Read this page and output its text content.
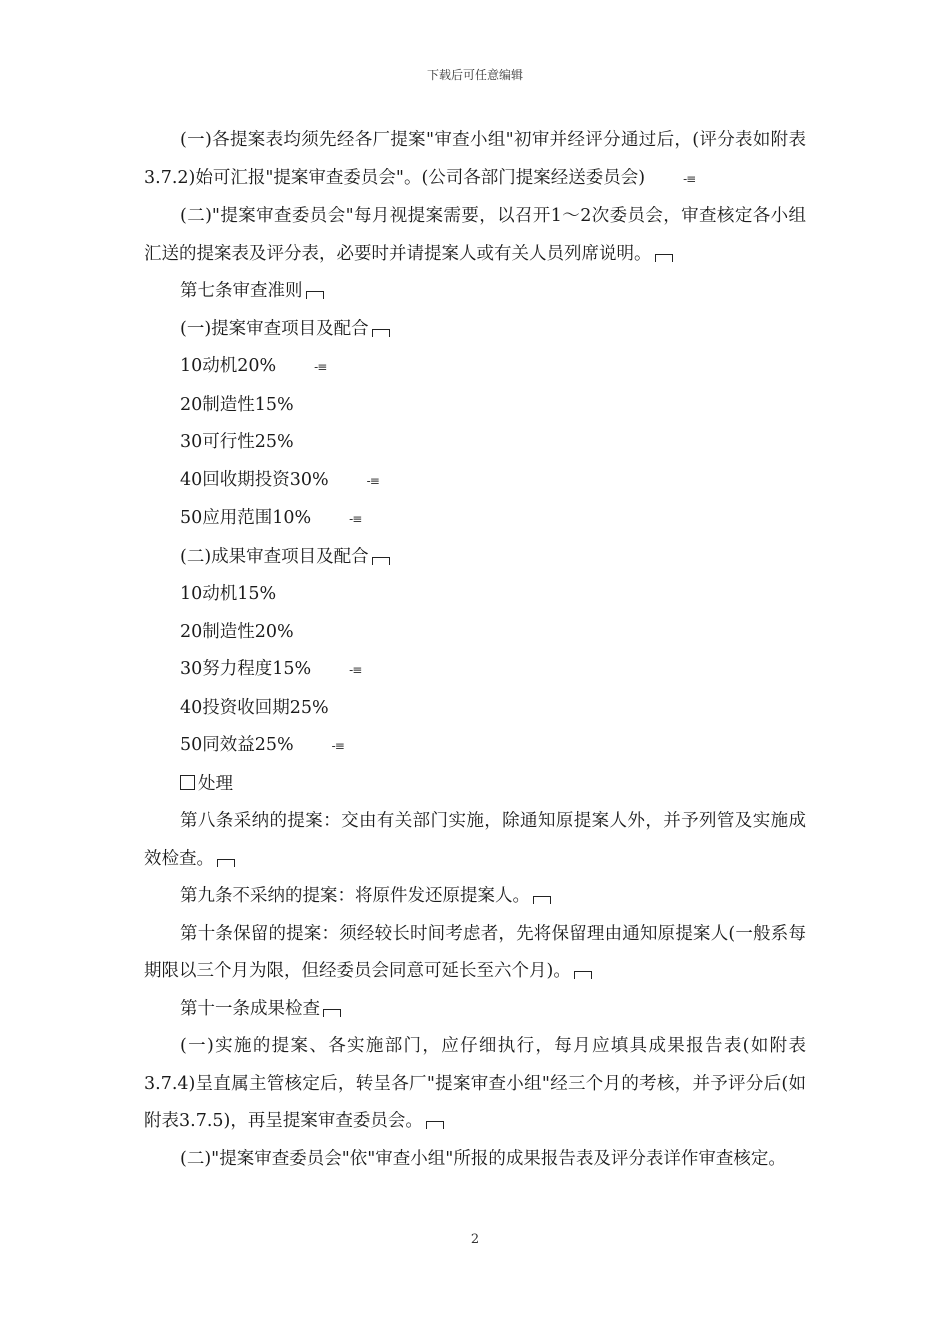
下载后可任意编辑

(一)各提案表均须先经各厂提案"审查小组"初审并经评分通过后，(评分表如附表3.7.2)始可汇报"提案审查委员会"。(公司各部门提案经送委员会)	-≡

(二)"提案审查委员会"每月视提案需要，以召开1～2次委员会，审查核定各小组汇送的提案表及评分表，必要时并请提案人或有关人员列席说明。

第七条审查准则

(一)提案审查项目及配合

10动机20%	-≡

20制造性15%

30可行性25%

40回收期投资30%	-≡

50应用范围10%	-≡

(二)成果审查项目及配合

10动机15%

20制造性20%

30努力程度15%	-≡

40投资收回期25%

50同效益25%	-≡

处理

第八条采纳的提案：交由有关部门实施，除通知原提案人外，并予列管及实施成效检查。

第九条不采纳的提案：将原件发还原提案人。

第十条保留的提案：须经较长时间考虑者，先将保留理由通知原提案人(一般系每期限以三个月为限，但经委员会同意可延长至六个月)。

第十一条成果检查

(一)实施的提案、各实施部门，应仔细执行，每月应填具成果报告表(如附表3.7.4)呈直属主管核定后，转呈各厂"提案审查小组"经三个月的考核，并予评分后(如附表3.7.5)，再呈提案审查委员会。

(二)"提案审查委员会"依"审查小组"所报的成果报告表及评分表详作审查核定。

2
